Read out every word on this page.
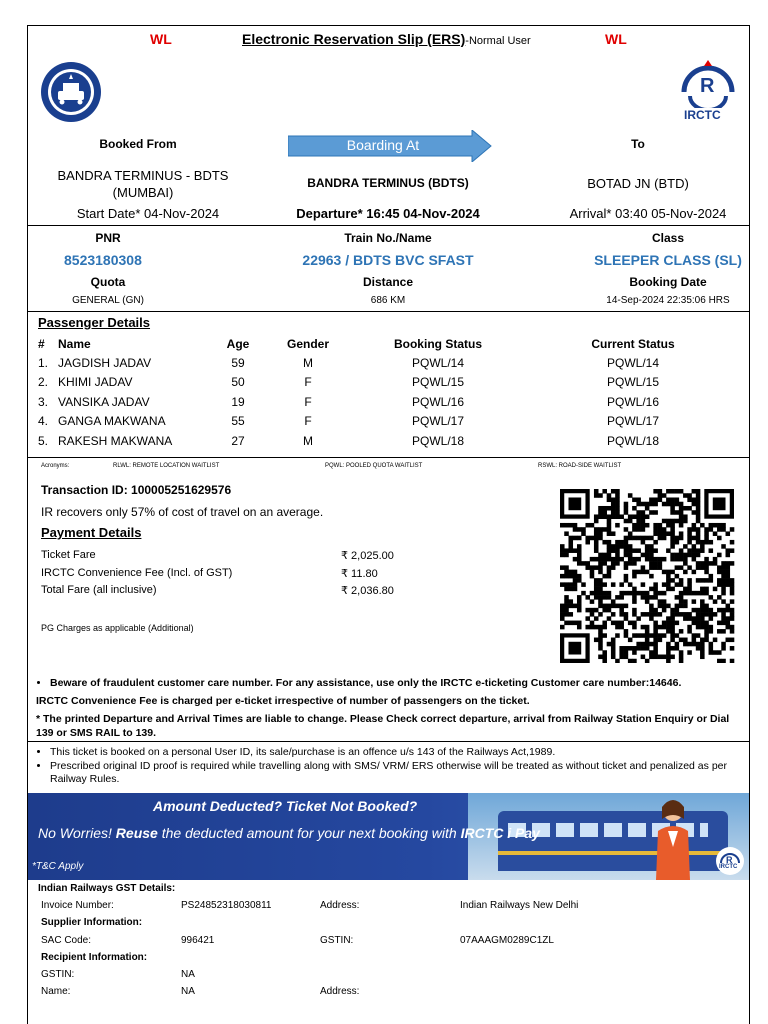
WL	Electronic Reservation Slip (ERS)-Normal User	WL
R
IRCTC
Booked From	Boarding At	To
BANDRA TERMINUS - BDTS
(MUMBAI)
BANDRA TERMINUS (BDTS)	BOTAD JN (BTD)
Start Date* 04-Nov-2024	Departure* 16:45 04-Nov-2024	Arrival* 03:40 05-Nov-2024
PNR	Train No./Name	Class
8523180308	22963 / BDTS BVC SFAST	SLEEPER CLASS (SL)
Quota	Distance	Booking Date
GENERAL (GN)	686 KM	14-Sep-2024 22:35:06 HRS
Passenger Details
#	Name	Age	Gender	Booking Status	Current Status
1.	JAGDISH JADAV	59	M	PQWL/14	PQWL/14
2.	KHIMI JADAV	50	F	PQWL/15	PQWL/15
3.	VANSIKA JADAV	19	F	PQWL/16	PQWL/16
4.	GANGA MAKWANA	55	F	PQWL/17	PQWL/17
5.	RAKESH MAKWANA	27	M	PQWL/18	PQWL/18
Acronyms:	RLWL: REMOTE LOCATION WAITLIST	PQWL: POOLED QUOTA WAITLIST	RSWL: ROAD-SIDE WAITLIST
Transaction ID: 100005251629576
IR recovers only 57% of cost of travel on an average.
Payment Details
Ticket Fare	₹ 2,025.00
IRCTC Convenience Fee (Incl. of GST)	₹ 11.80
Total Fare (all inclusive)	₹ 2,036.80
PG Charges as applicable (Additional)
• Beware of fraudulent customer care number. For any assistance, use only the IRCTC e-ticketing Customer care number:14646.
IRCTC Convenience Fee is charged per e-ticket irrespective of number of passengers on the ticket.
* The printed Departure and Arrival Times are liable to change. Please Check correct departure, arrival from Railway Station Enquiry or Dial 139 or SMS RAIL to 139.
• This ticket is booked on a personal User ID, its sale/purchase is an offence u/s 143 of the Railways Act,1989.
• Prescribed original ID proof is required while travelling along with SMS/ VRM/ ERS otherwise will be treated as without ticket and penalized as per Railway Rules.
Amount Deducted? Ticket Not Booked?
No Worries! Reuse the deducted amount for your next booking with IRCTC i Pay
*T&C Apply	IRCTC
R
Indian Railways GST Details:
Invoice Number:	PS24852318030811	Address:	Indian Railways New Delhi
Supplier Information:
SAC Code:	996421	GSTIN:	07AAAGM0289C1ZL
Recipient Information:
GSTIN:	NA
Name:	NA	Address:
